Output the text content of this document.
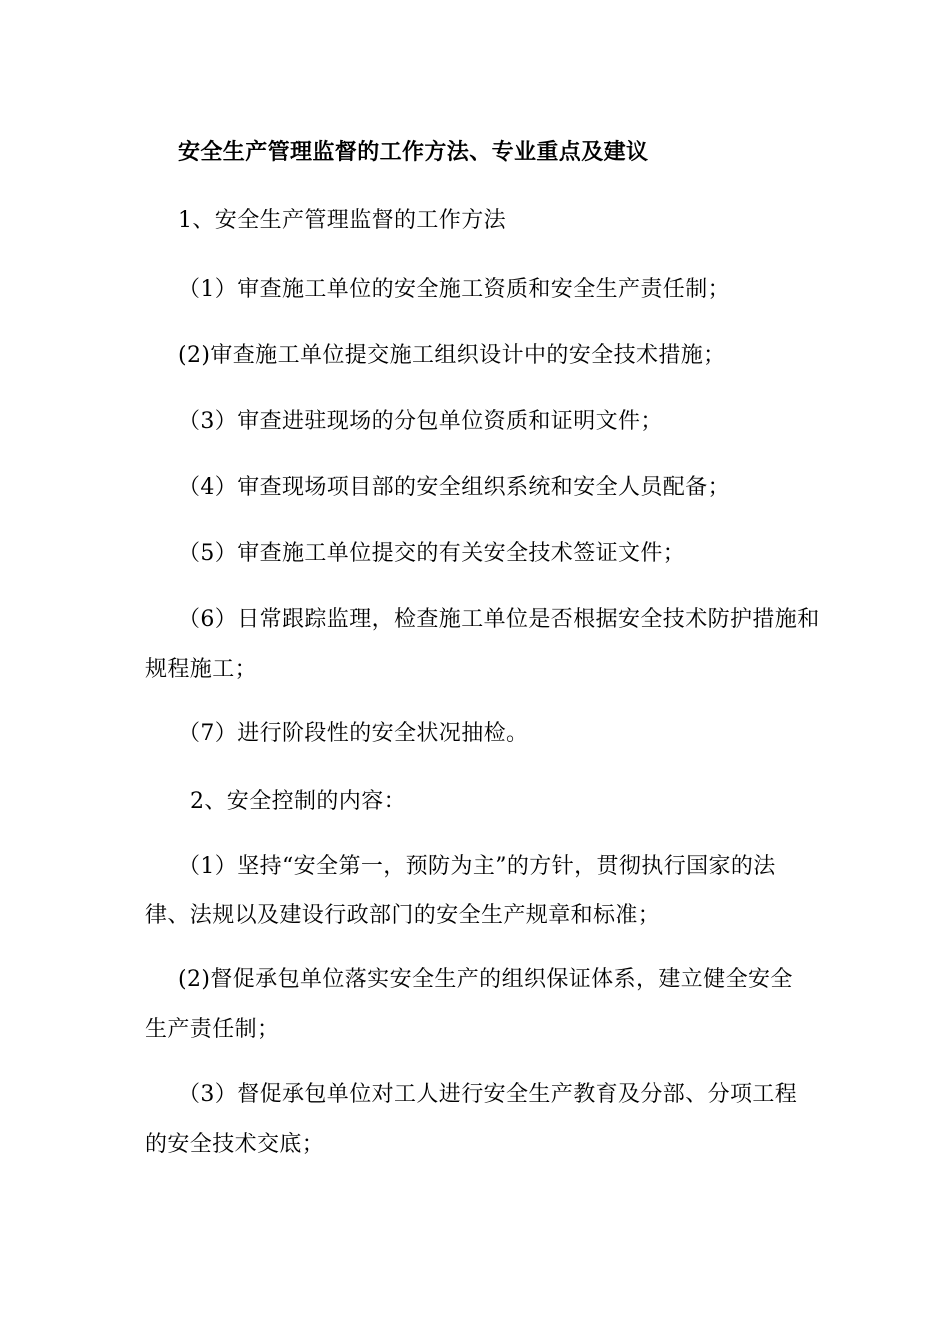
安全生产管理监督的工作方法、专业重点及建议
1、安全生产管理监督的工作方法
（1）审查施工单位的安全施工资质和安全生产责任制；
(2)审查施工单位提交施工组织设计中的安全技术措施；
（3）审查进驻现场的分包单位资质和证明文件；
（4）审查现场项目部的安全组织系统和安全人员配备；
（5）审查施工单位提交的有关安全技术签证文件；
（6）日常跟踪监理，检查施工单位是否根据安全技术防护措施和
规程施工；
（7）进行阶段性的安全状况抽检。
2、安全控制的内容：
（1）坚持“安全第一，预防为主”的方针，贯彻执行国家的法
律、法规以及建设行政部门的安全生产规章和标准；
(2)督促承包单位落实安全生产的组织保证体系，建立健全安全
生产责任制；
（3）督促承包单位对工人进行安全生产教育及分部、分项工程
的安全技术交底；
